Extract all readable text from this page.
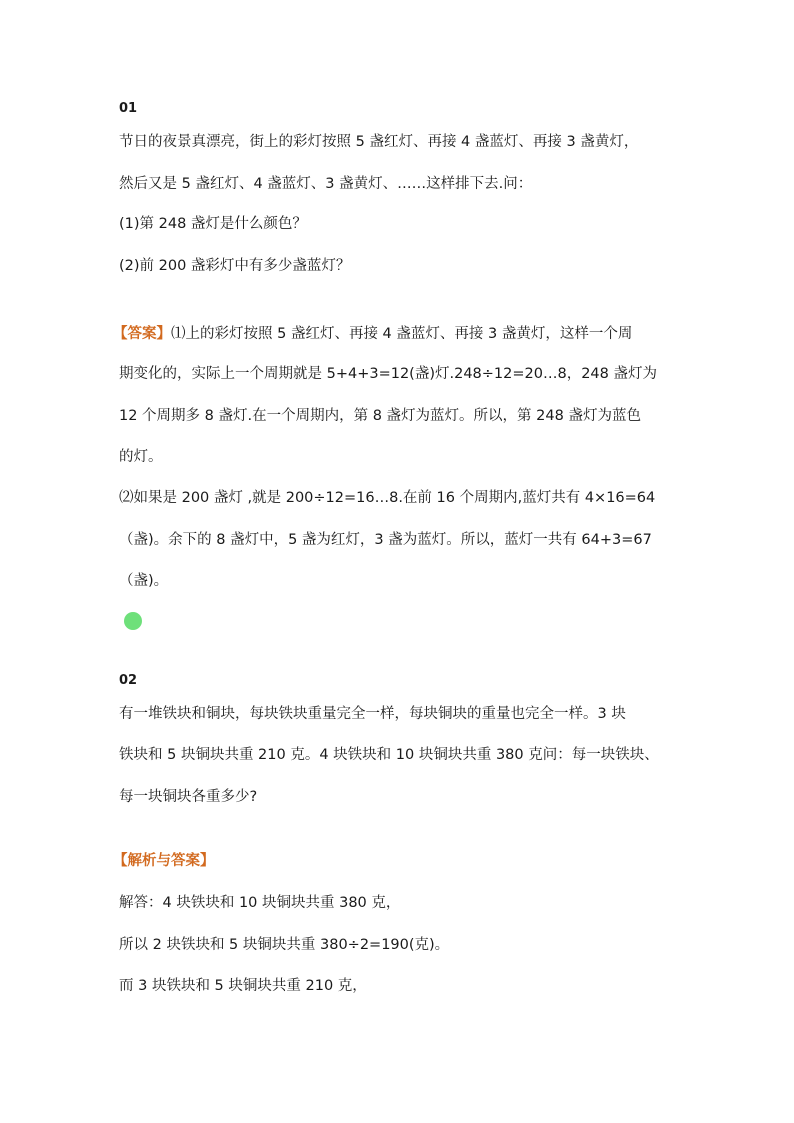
01

节日的夜景真漂亮，街上的彩灯按照 5 盏红灯、再接 4 盏蓝灯、再接 3 盏黄灯，

然后又是 5 盏红灯、4 盏蓝灯、3 盏黄灯、……这样排下去.问：

(1)第 248 盏灯是什么颜色？

(2)前 200 盏彩灯中有多少盏蓝灯？

【答案】⑴上的彩灯按照 5 盏红灯、再接 4 盏蓝灯、再接 3 盏黄灯，这样一个周

期变化的，实际上一个周期就是 5+4+3=12(盏)灯.248÷12=20…8，248 盏灯为

12 个周期多 8 盏灯.在一个周期内，第 8 盏灯为蓝灯。所以，第 248 盏灯为蓝色

的灯。

⑵如果是 200 盏灯 ,就是 200÷12=16…8.在前 16 个周期内,蓝灯共有 4×16=64

（盏)。余下的 8 盏灯中，5 盏为红灯，3 盏为蓝灯。所以，蓝灯一共有 64+3=67

（盏)。

02

有一堆铁块和铜块，每块铁块重量完全一样，每块铜块的重量也完全一样。3 块

铁块和 5 块铜块共重 210 克。4 块铁块和 10 块铜块共重 380 克问：每一块铁块、

每一块铜块各重多少?

【解析与答案】

解答：4 块铁块和 10 块铜块共重 380 克，

所以 2 块铁块和 5 块铜块共重 380÷2=190(克)。

而 3 块铁块和 5 块铜块共重 210 克，
